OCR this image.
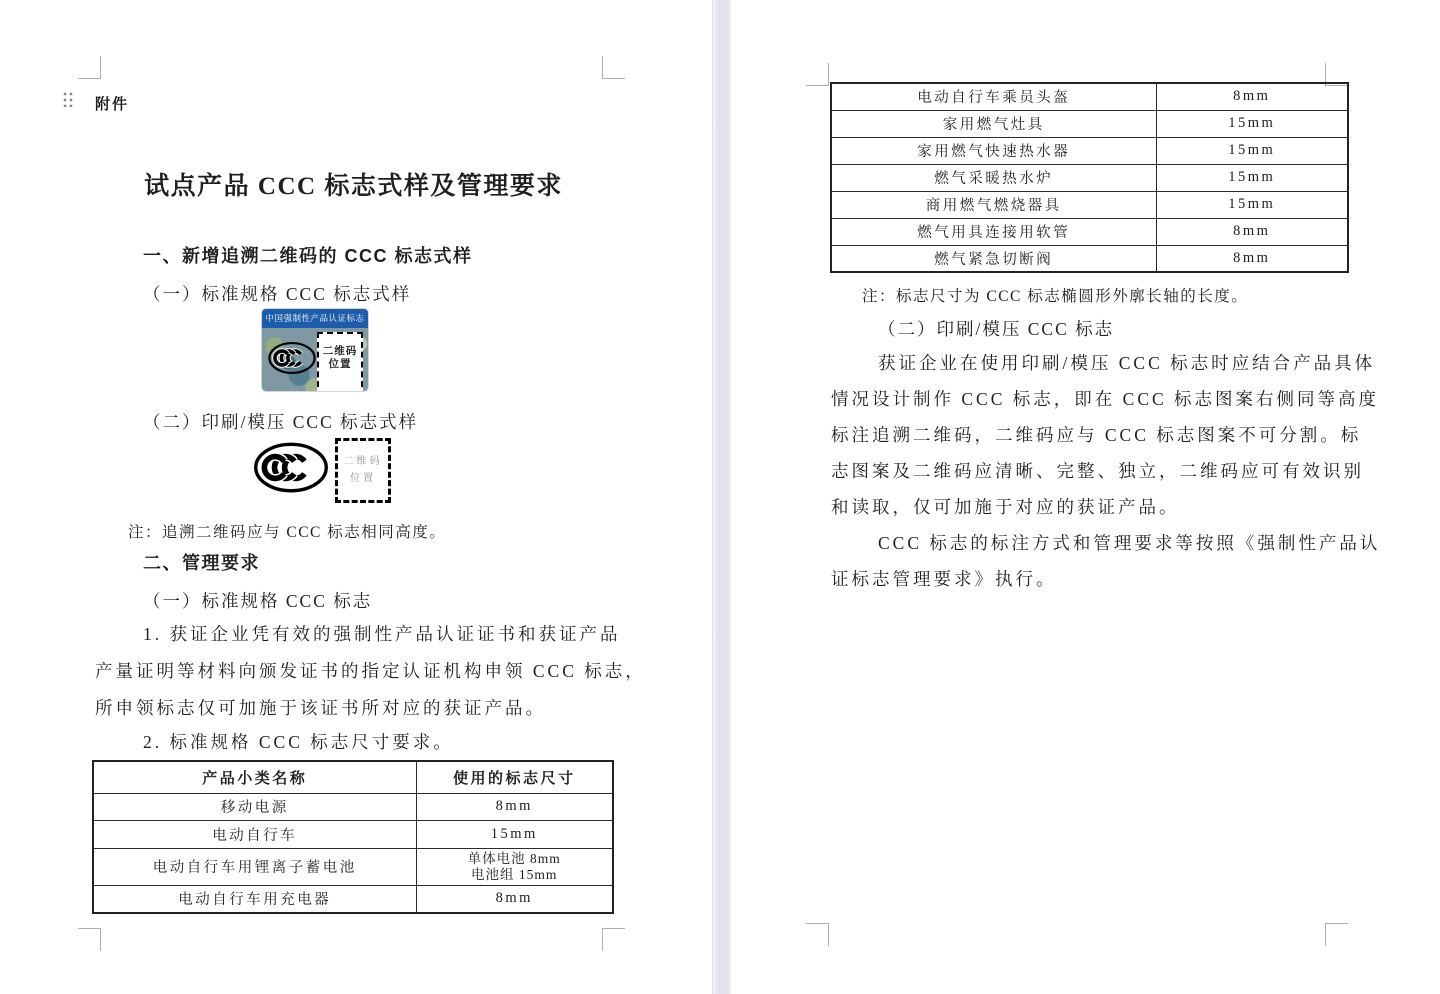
附件
试点产品 CCC 标志式样及管理要求
一、新增追溯二维码的 CCC 标志式样
（一）标准规格 CCC 标志式样
中国强制性产品认证标志
二维码
位置
（二）印刷/模压 CCC 标志式样
二维码
位置
注：追溯二维码应与 CCC 标志相同高度。
二、管理要求
（一）标准规格 CCC 标志
1. 获证企业凭有效的强制性产品认证证书和获证产品
产量证明等材料向颁发证书的指定认证机构申领 CCC 标志，
所申领标志仅可加施于该证书所对应的获证产品。
2. 标准规格 CCC 标志尺寸要求。
产品小类名称	使用的标志尺寸
移动电源	8mm
电动自行车	15mm
电动自行车用锂离子蓄电池	单体电池 8mm
电池组 15mm

电动自行车用充电器	8mm
电动自行车乘员头盔	8mm
家用燃气灶具	15mm
家用燃气快速热水器	15mm
燃气采暖热水炉	15mm
商用燃气燃烧器具	15mm
燃气用具连接用软管	8mm
燃气紧急切断阀	8mm
注：标志尺寸为 CCC 标志椭圆形外廓长轴的长度。
（二）印刷/模压 CCC 标志
获证企业在使用印刷/模压 CCC 标志时应结合产品具体
情况设计制作 CCC 标志，即在 CCC 标志图案右侧同等高度
标注追溯二维码，二维码应与 CCC 标志图案不可分割。标
志图案及二维码应清晰、完整、独立，二维码应可有效识别
和读取，仅可加施于对应的获证产品。
CCC 标志的标注方式和管理要求等按照《强制性产品认
证标志管理要求》执行。
